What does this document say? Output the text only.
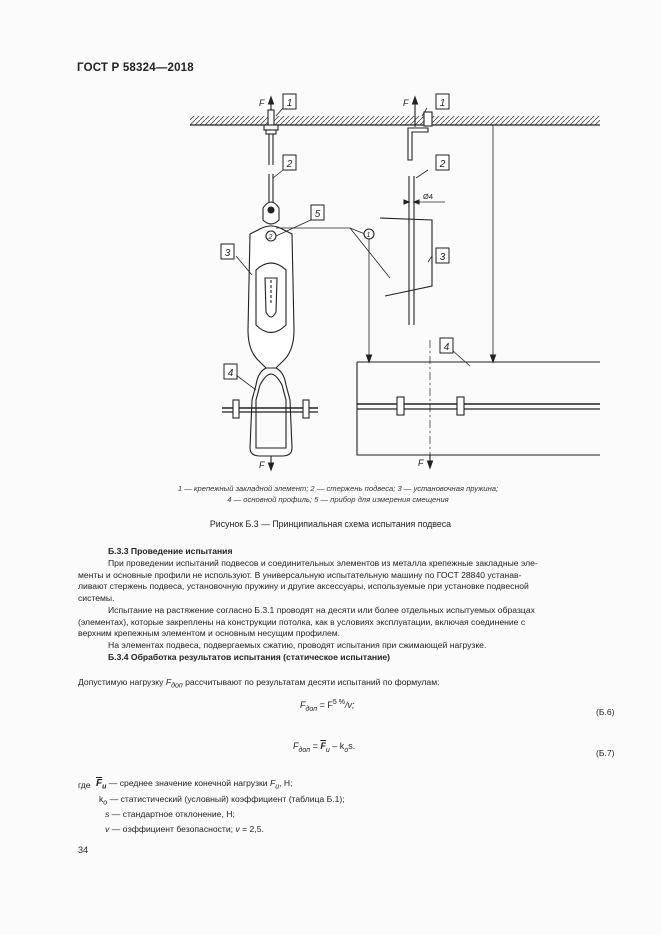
ГОСТ Р 58324—2018
2	1
1
2
3
4
5
1
2
3
4
F	F
F	F
Ø4
1 — крепежный закладной элемент; 2 — стержень подвеса; 3 — установочная пружина;
4 — основной профиль; 5 — прибор для измерения смещения
Рисунок Б.3 — Принципиальная схема испытания подвеса
Б.3.3 Проведение испытания
При проведении испытаний подвесов и соединительных элементов из металла крепежные закладные эле-
менты и основные профили не используют. В универсальную испытательную машину по ГОСТ 28840 устанав-
ливают стержень подвеса, установочную пружину и другие аксессуары, используемые при установке подвесной
системы.
Испытание на растяжение согласно Б.3.1 проводят на десяти или более отдельных испытуемых образцах
(элементах), которые закреплены на конструкции потолка, как в условиях эксплуатации, включая соединение с
верхним крепежным элементом и основным несущим профилем.
На элементах подвеса, подвергаемых сжатию, проводят испытания при сжимающей нагрузке.
Б.3.4 Обработка результатов испытания (статическое испытание)
Допустимую нагрузку $F_{доп}$ рассчитывают по результатам десяти испытаний по формулам:
$F_{доп} = F^{5 \%}/v$;
(Б.6)
$F_{доп} = \overline{F}_u - k_os$.
(Б.7)
где $\overline{F}_u$ — среднее значение конечной нагрузки $F_u$, Н;
$k_o$ — статистический (условный) коэффициент (таблица Б.1);
s — стандартное отклонение, Н;
v — оэффициент безопасности; v = 2,5.
34
